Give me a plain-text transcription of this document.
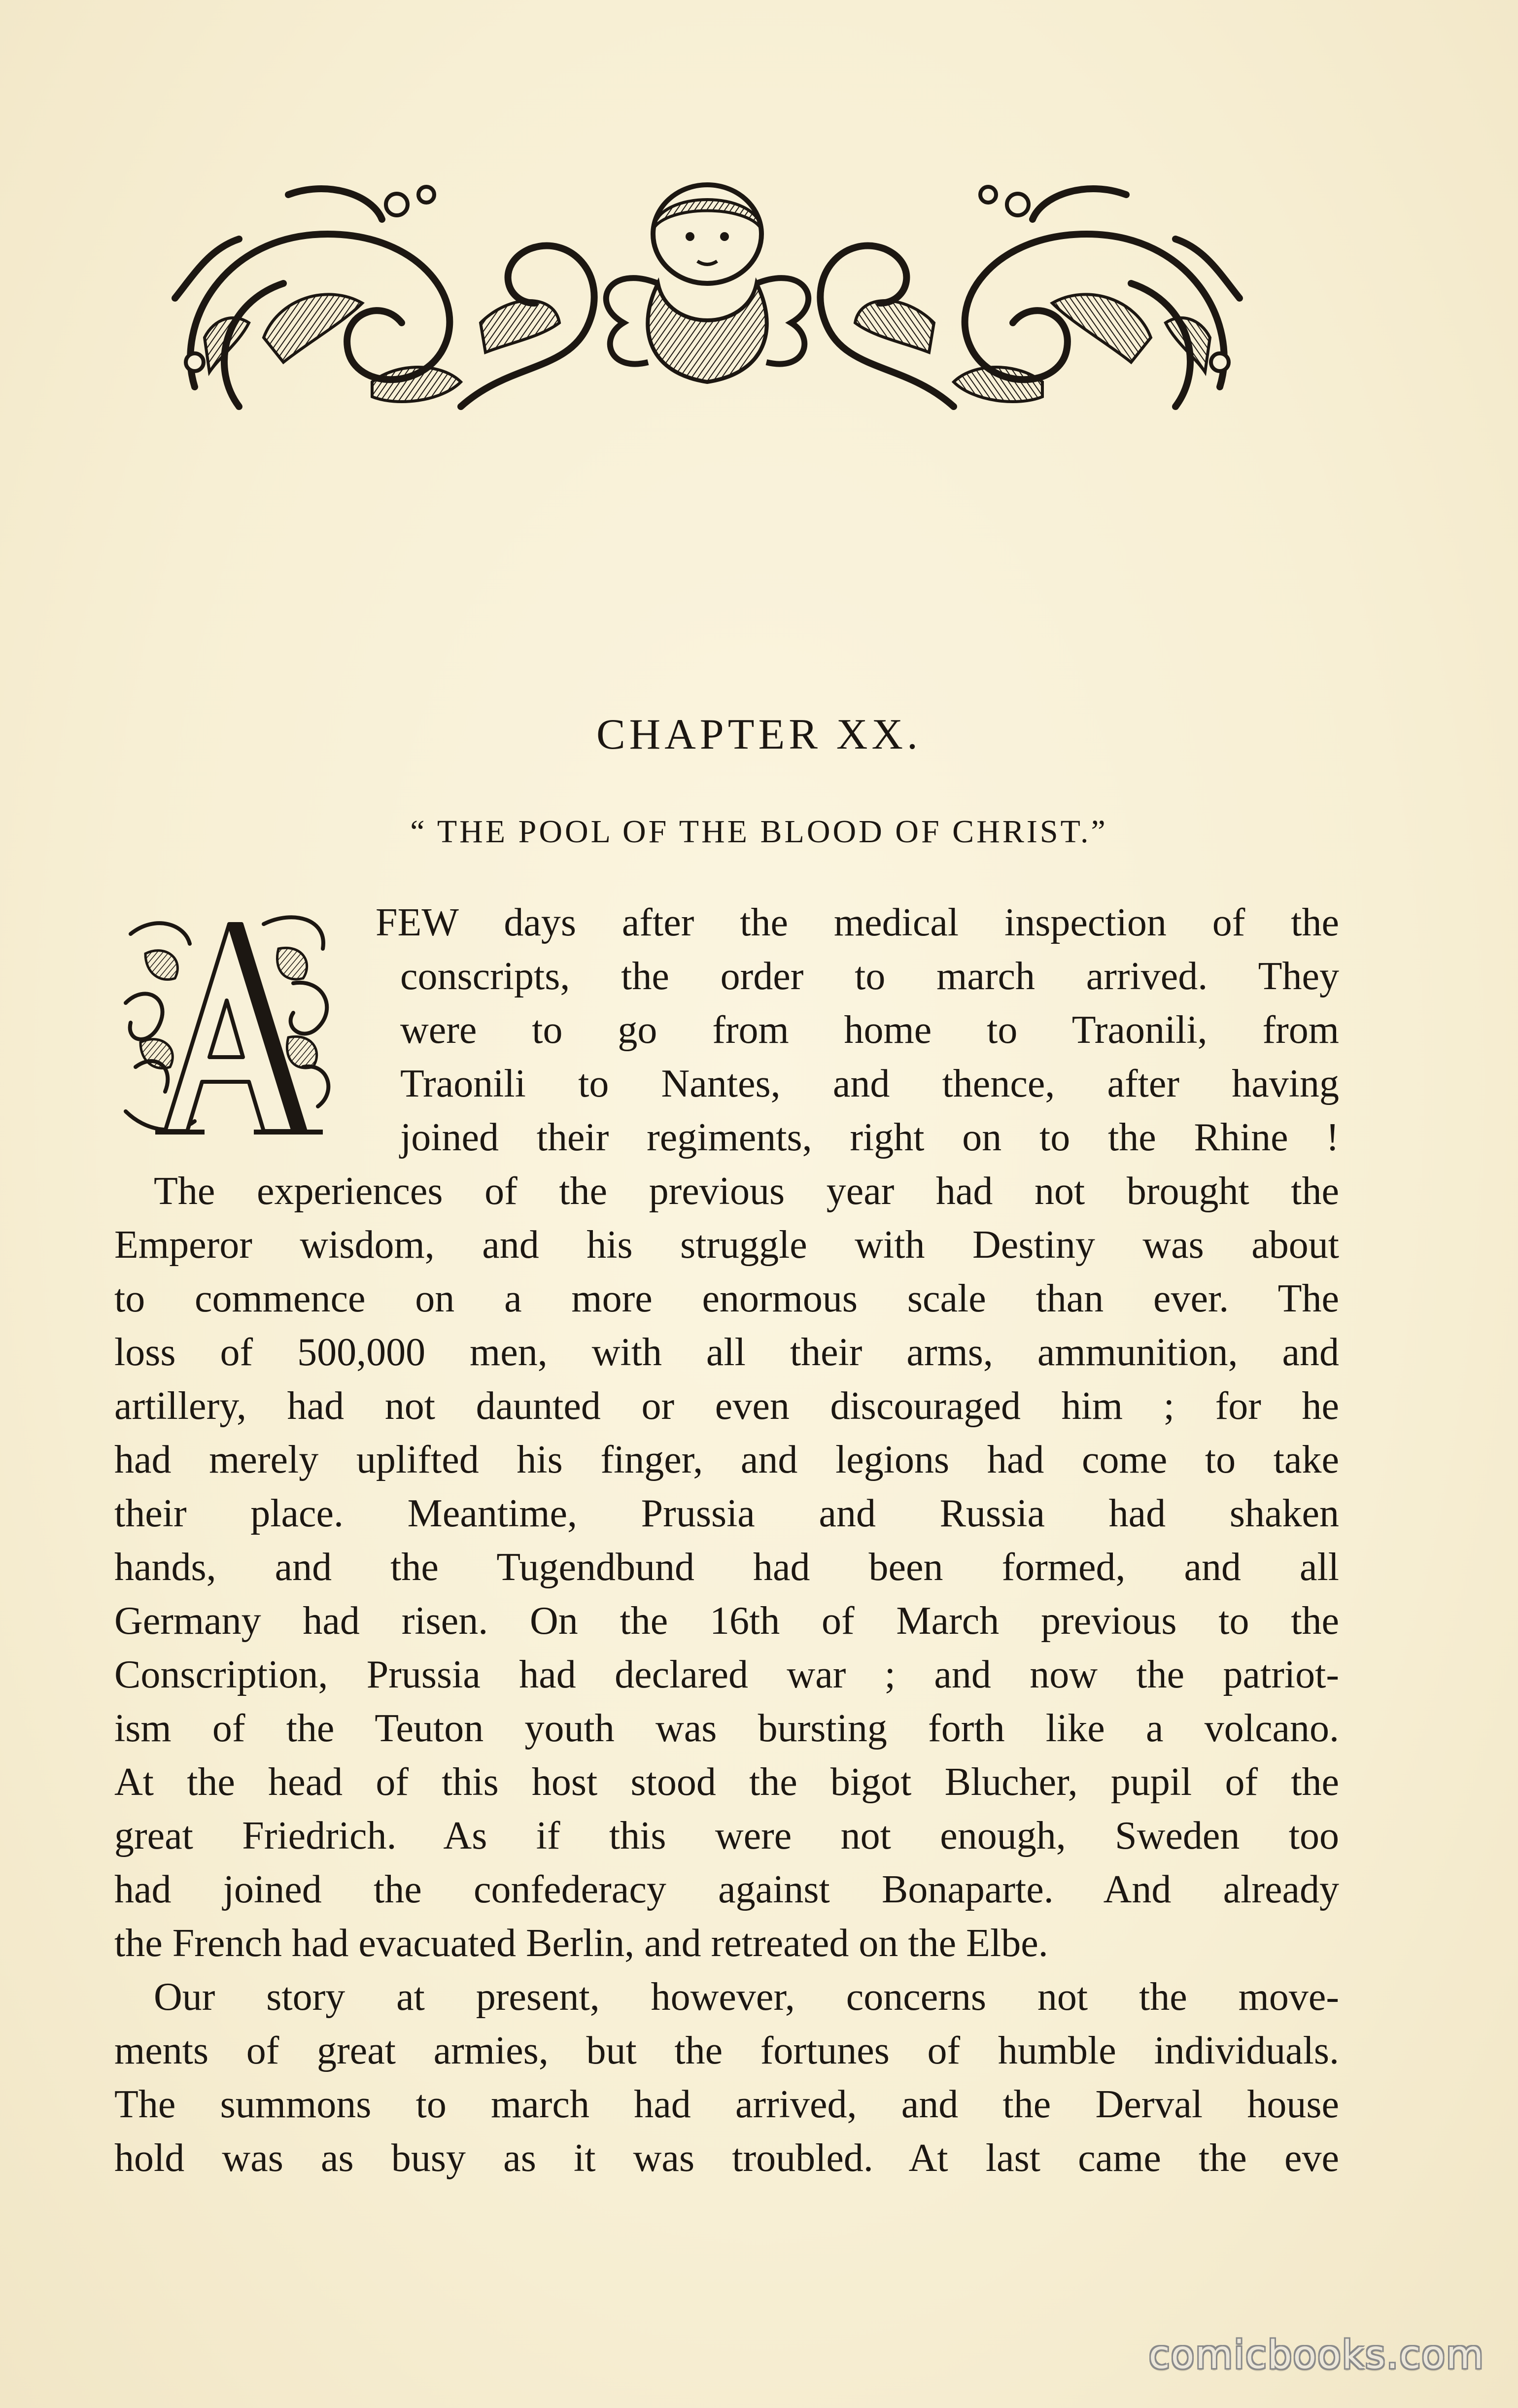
CHAPTER XX.
“ THE POOL OF THE BLOOD OF CHRIST.”
FEW days after the medical inspection of the
conscripts, the order to march arrived. They
were to go from home to Traonili, from
Traonili to Nantes, and thence, after having
joined their regiments, right on to the Rhine !
The experiences of the previous year had not brought the
Emperor wisdom, and his struggle with Destiny was about
to commence on a more enormous scale than ever. The
loss of 500,000 men, with all their arms, ammunition, and
artillery, had not daunted or even discouraged him ; for he
had merely uplifted his finger, and legions had come to take
their place. Meantime, Prussia and Russia had shaken
hands, and the Tugendbund had been formed, and all
Germany had risen. On the 16th of March previous to the
Conscription, Prussia had declared war ; and now the patriot-
ism of the Teuton youth was bursting forth like a volcano.
At the head of this host stood the bigot Blucher, pupil of the
great Friedrich. As if this were not enough, Sweden too
had joined the confederacy against Bonaparte. And already
the French had evacuated Berlin, and retreated on the Elbe.
Our story at present, however, concerns not the move-
ments of great armies, but the fortunes of humble individuals.
The summons to march had arrived, and the Derval house
hold was as busy as it was troubled. At last came the eve
comicbooks.com
